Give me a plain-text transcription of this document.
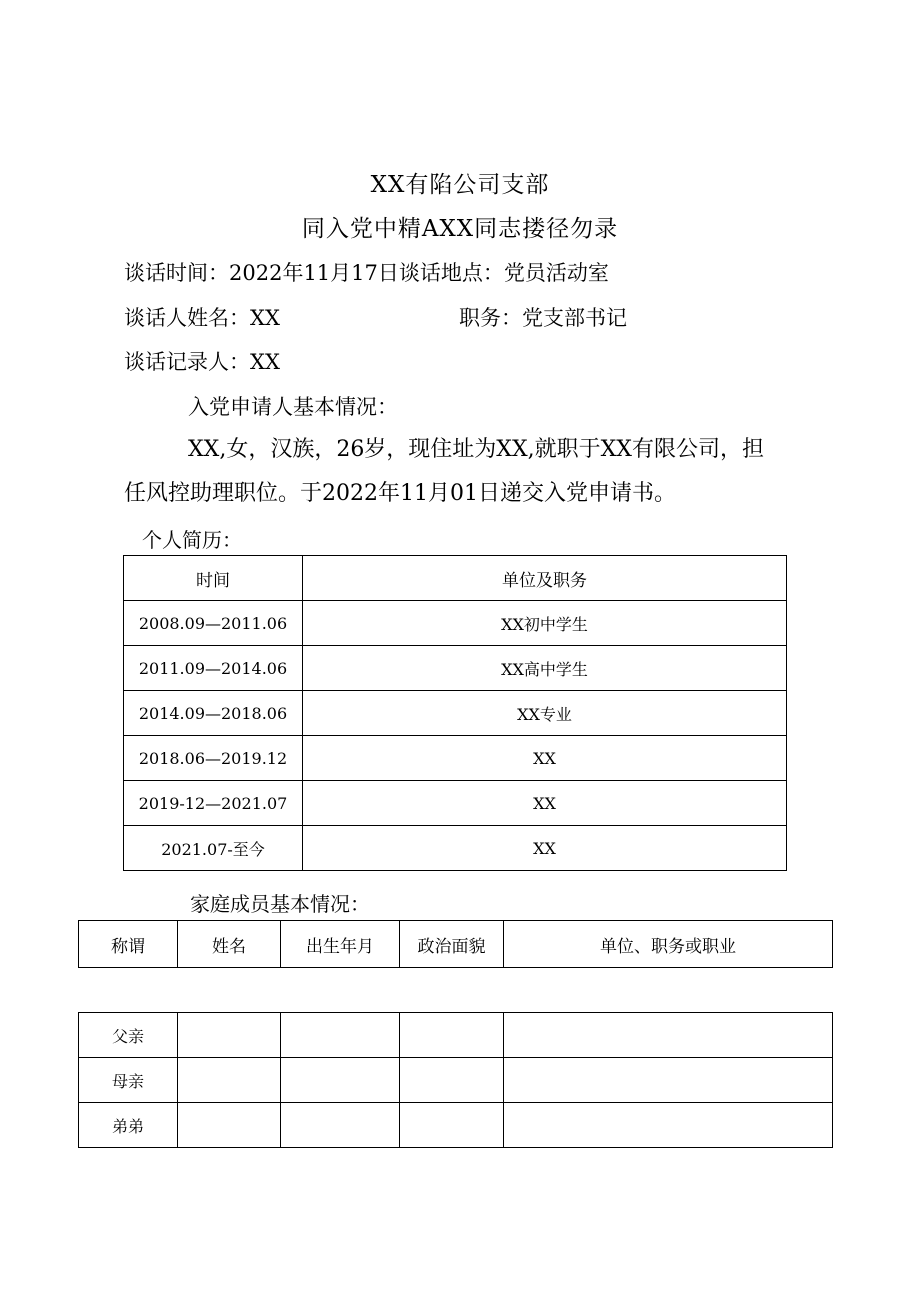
XX有陷公司支部
同入党中精AXX同志搂径勿录
谈话时间：2022年11月17日谈话地点：党员活动室
谈话人姓名：XX	职务：党支部书记
谈话记录人：XX
入党申请人基本情况：
XX,女，汉族，26岁，现住址为XX,就职于XX有限公司，担
任风控助理职位。于2022年11月01日递交入党申请书。
个人简历：
时间	单位及职务
2008.09—2011.06	XX初中学生
2011.09—2014.06	XX高中学生
2014.09—2018.06	XX专业
2018.06—2019.12	XX
2019-12—2021.07	XX
2021.07-至今	XX
家庭成员基本情况：
称谓	姓名	出生年月	政治面貌	单位、职务或职业
父亲				
母亲				
弟弟				
